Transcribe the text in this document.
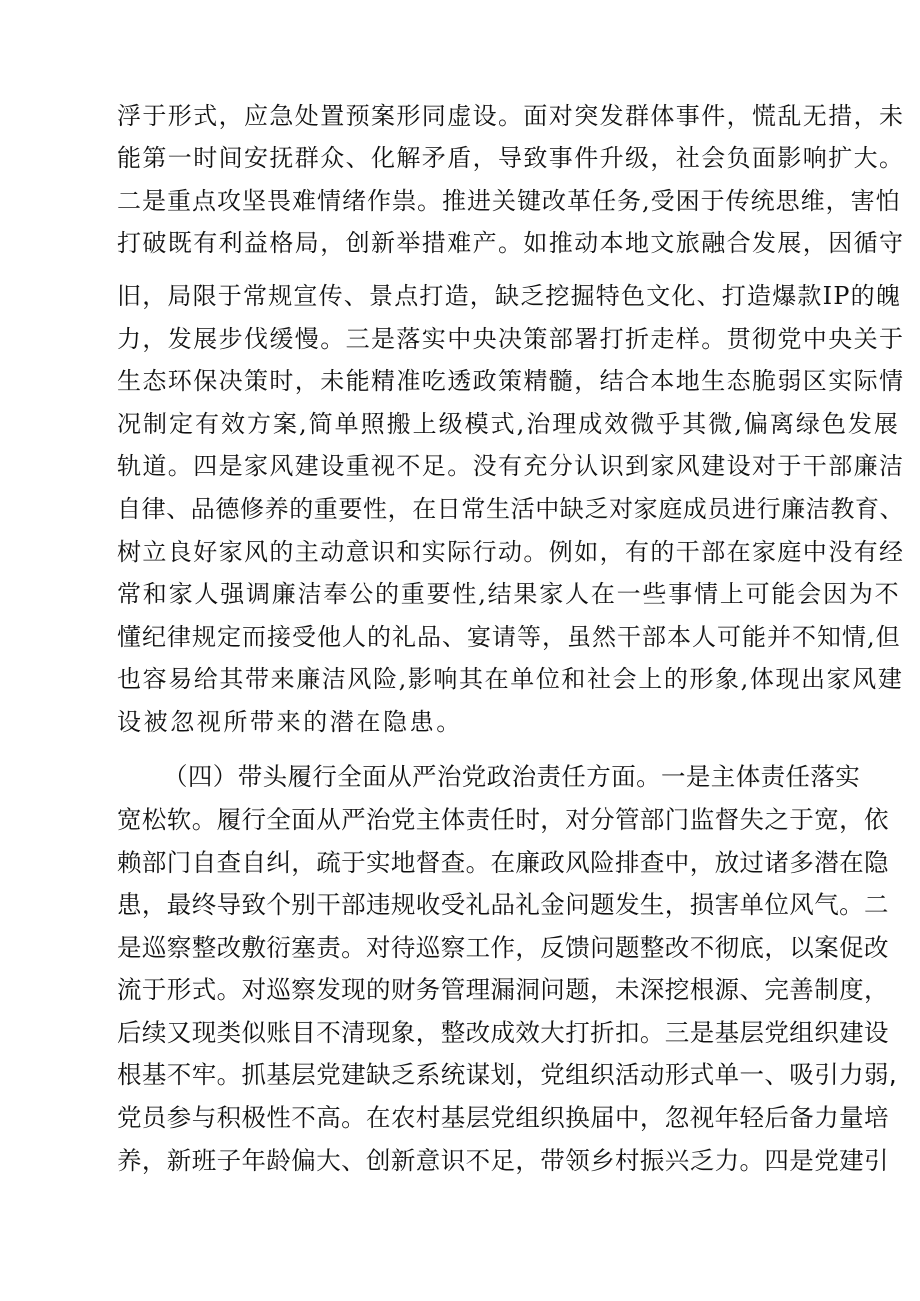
浮于形式，应急处置预案形同虚设。面对突发群体事件，慌乱无措，未
能第一时间安抚群众、化解矛盾，导致事件升级，社会负面影响扩大。
二是重点攻坚畏难情绪作祟。推进关键改革任务,受困于传统思维，害怕
打破既有利益格局，创新举措难产。如推动本地文旅融合发展，因循守
旧，局限于常规宣传、景点打造，缺乏挖掘特色文化、打造爆款IP的魄
力，发展步伐缓慢。三是落实中央决策部署打折走样。贯彻党中央关于
生态环保决策时，未能精准吃透政策精髓，结合本地生态脆弱区实际情
况制定有效方案,简单照搬上级模式,治理成效微乎其微,偏离绿色发展
轨道。四是家风建设重视不足。没有充分认识到家风建设对于干部廉洁
自律、品德修养的重要性，在日常生活中缺乏对家庭成员进行廉洁教育、
树立良好家风的主动意识和实际行动。例如，有的干部在家庭中没有经
常和家人强调廉洁奉公的重要性,结果家人在一些事情上可能会因为不
懂纪律规定而接受他人的礼品、宴请等，虽然干部本人可能并不知情,但
也容易给其带来廉洁风险,影响其在单位和社会上的形象,体现出家风建
设被忽视所带来的潜在隐患。
（四）带头履行全面从严治党政治责任方面。一是主体责任落实
宽松软。履行全面从严治党主体责任时，对分管部门监督失之于宽，依
赖部门自查自纠，疏于实地督查。在廉政风险排查中，放过诸多潜在隐
患，最终导致个别干部违规收受礼品礼金问题发生，损害单位风气。二
是巡察整改敷衍塞责。对待巡察工作，反馈问题整改不彻底，以案促改
流于形式。对巡察发现的财务管理漏洞问题，未深挖根源、完善制度，
后续又现类似账目不清现象，整改成效大打折扣。三是基层党组织建设
根基不牢。抓基层党建缺乏系统谋划，党组织活动形式单一、吸引力弱,
党员参与积极性不高。在农村基层党组织换届中，忽视年轻后备力量培
养，新班子年龄偏大、创新意识不足，带领乡村振兴乏力。四是党建引
